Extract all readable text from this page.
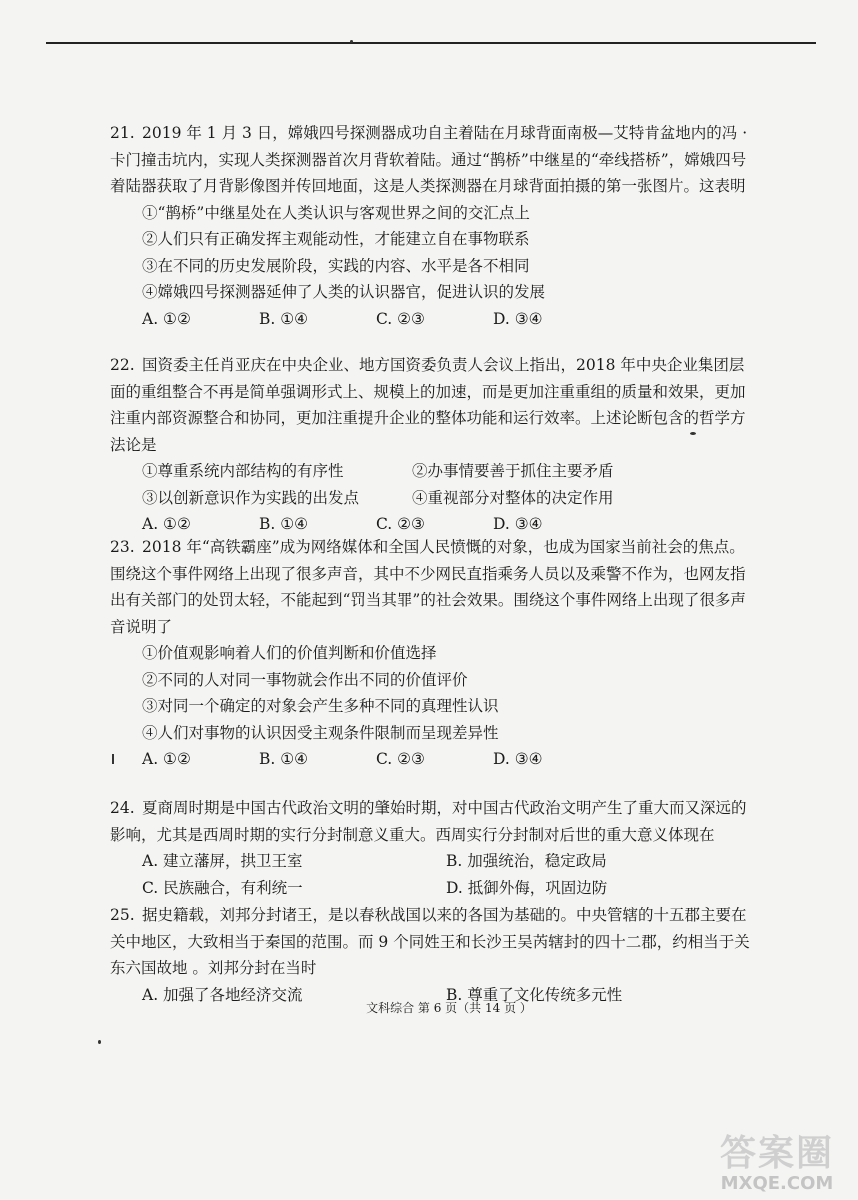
21. 2019 年 1 月 3 日，嫦娥四号探测器成功自主着陆在月球背面南极—艾特肯盆地内的冯 · 卡门撞击坑内，实现人类探测器首次月背软着陆。通过“鹊桥”中继星的“牵线搭桥”，嫦娥四号着陆器获取了月背影像图并传回地面，这是人类探测器在月球背面拍摄的第一张图片。这表明
①“鹊桥”中继星处在人类认识与客观世界之间的交汇点上
②人们只有正确发挥主观能动性，才能建立自在事物联系
③在不同的历史发展阶段，实践的内容、水平是各不相同
④嫦娥四号探测器延伸了人类的认识器官，促进认识的发展
A. ①②	B. ①④	C. ②③	D. ③④
22. 国资委主任肖亚庆在中央企业、地方国资委负责人会议上指出，2018 年中央企业集团层面的重组整合不再是简单强调形式上、规模上的加速，而是更加注重重组的质量和效果，更加注重内部资源整合和协同，更加注重提升企业的整体功能和运行效率。上述论断包含的哲学方法论是
①尊重系统内部结构的有序性	②办事情要善于抓住主要矛盾
③以创新意识作为实践的出发点	④重视部分对整体的决定作用
A. ①②	B. ①④	C. ②③	D. ③④
23. 2018 年“高铁霸座”成为网络媒体和全国人民愤慨的对象，也成为国家当前社会的焦点。围绕这个事件网络上出现了很多声音，其中不少网民直指乘务人员以及乘警不作为，也网友指出有关部门的处罚太轻，不能起到“罚当其罪”的社会效果。围绕这个事件网络上出现了很多声音说明了
①价值观影响着人们的价值判断和价值选择
②不同的人对同一事物就会作出不同的价值评价
③对同一个确定的对象会产生多种不同的真理性认识
④人们对事物的认识因受主观条件限制而呈现差异性
A. ①②	B. ①④	C. ②③	D. ③④
24. 夏商周时期是中国古代政治文明的肇始时期，对中国古代政治文明产生了重大而又深远的影响，尤其是西周时期的实行分封制意义重大。西周实行分封制对后世的重大意义体现在
A. 建立藩屏，拱卫王室	B. 加强统治，稳定政局
C. 民族融合，有利统一	D. 抵御外侮，巩固边防
25. 据史籍载，刘邦分封诸王，是以春秋战国以来的各国为基础的。中央管辖的十五郡主要在关中地区，大致相当于秦国的范围。而 9 个同姓王和长沙王吴芮辖封的四十二郡，约相当于关东六国故地 。刘邦分封在当时
A. 加强了各地经济交流	B. 尊重了文化传统多元性
文科综合 第 6 页（共 14 页 ）
答案圈
MXQE.COM
